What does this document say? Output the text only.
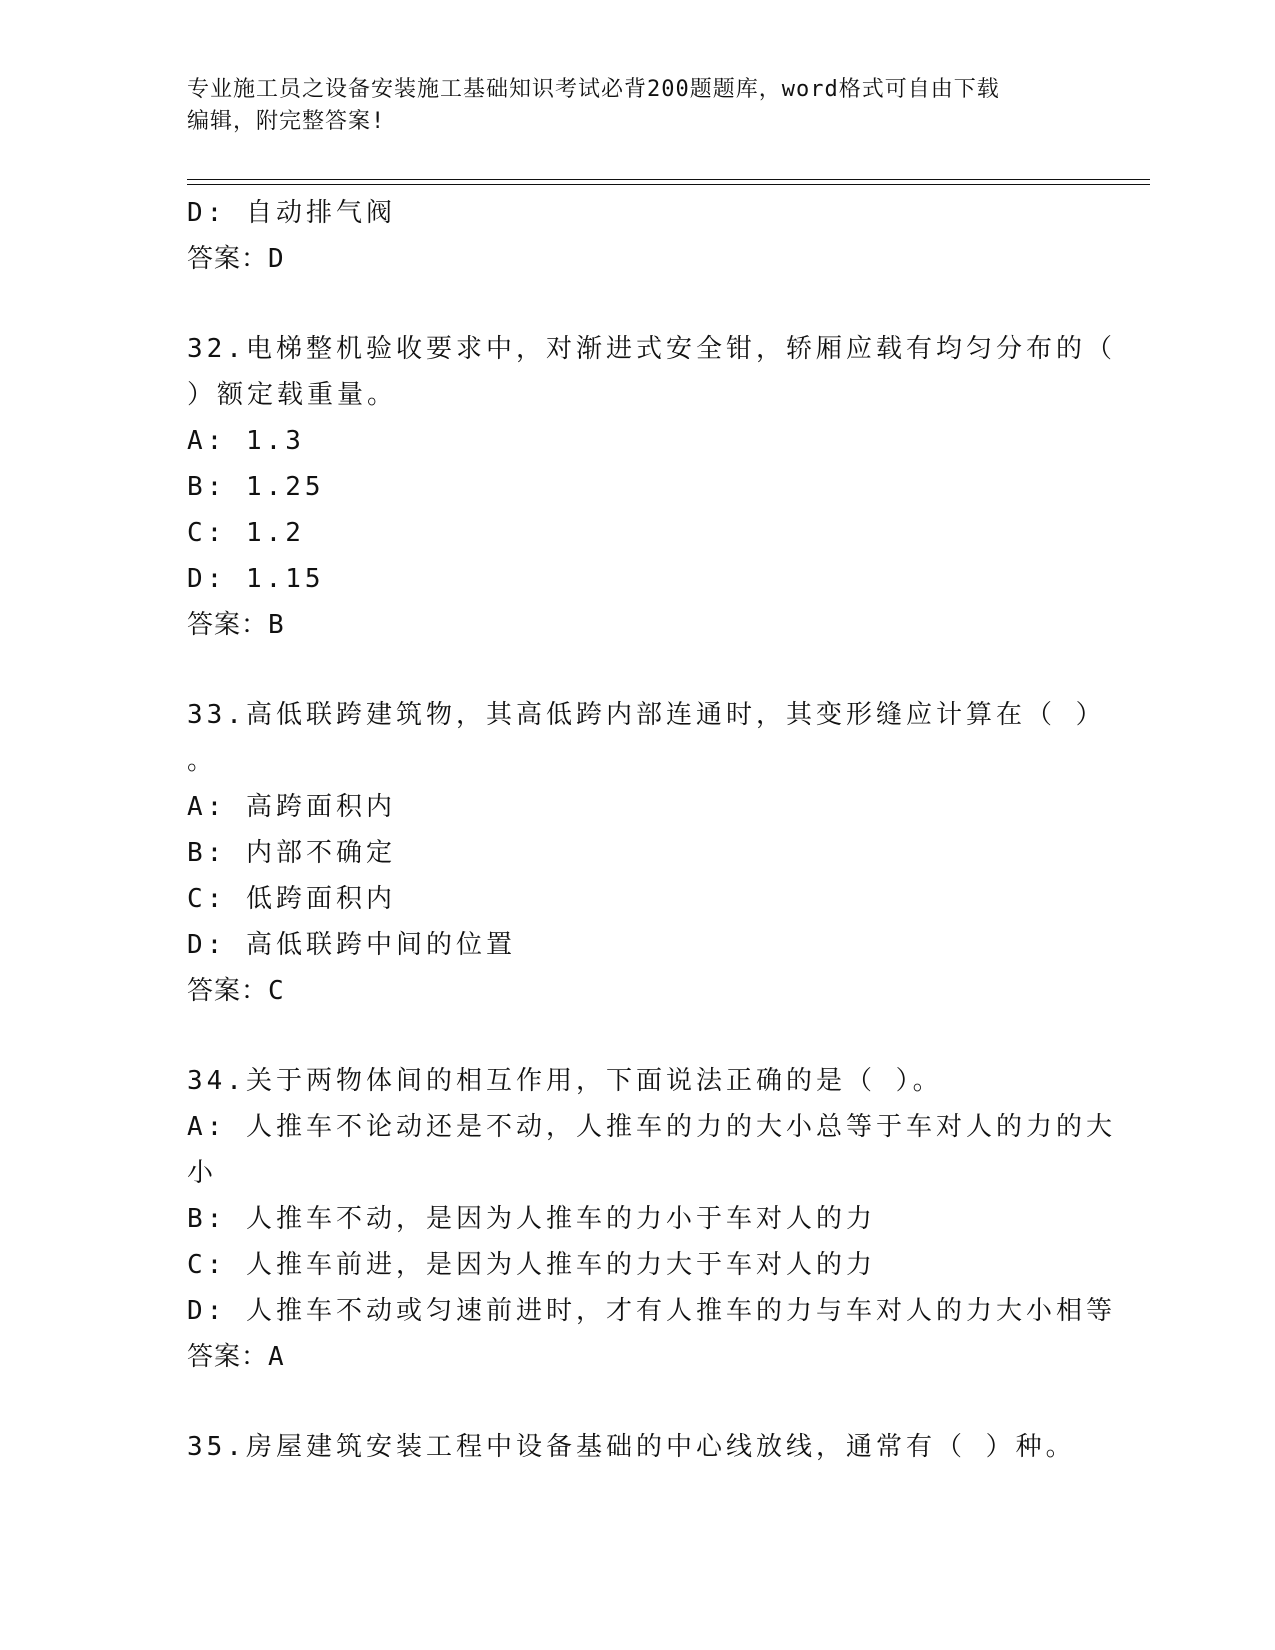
专业施工员之设备安装施工基础知识考试必背200题题库，word格式可自由下载
编辑，附完整答案!
D: 自动排气阀
答案：D
32.电梯整机验收要求中，对渐进式安全钳，轿厢应载有均匀分布的（
）额定载重量。
A: 1.3
B: 1.25
C: 1.2
D: 1.15
答案：B
33.高低联跨建筑物，其高低跨内部连通时，其变形缝应计算在（ ）
。
A: 高跨面积内
B: 内部不确定
C: 低跨面积内
D: 高低联跨中间的位置
答案：C
34.关于两物体间的相互作用，下面说法正确的是（ ）。
A: 人推车不论动还是不动，人推车的力的大小总等于车对人的力的大
小
B: 人推车不动，是因为人推车的力小于车对人的力
C: 人推车前进，是因为人推车的力大于车对人的力
D: 人推车不动或匀速前进时，才有人推车的力与车对人的力大小相等
答案：A
35.房屋建筑安装工程中设备基础的中心线放线，通常有（ ）种。
